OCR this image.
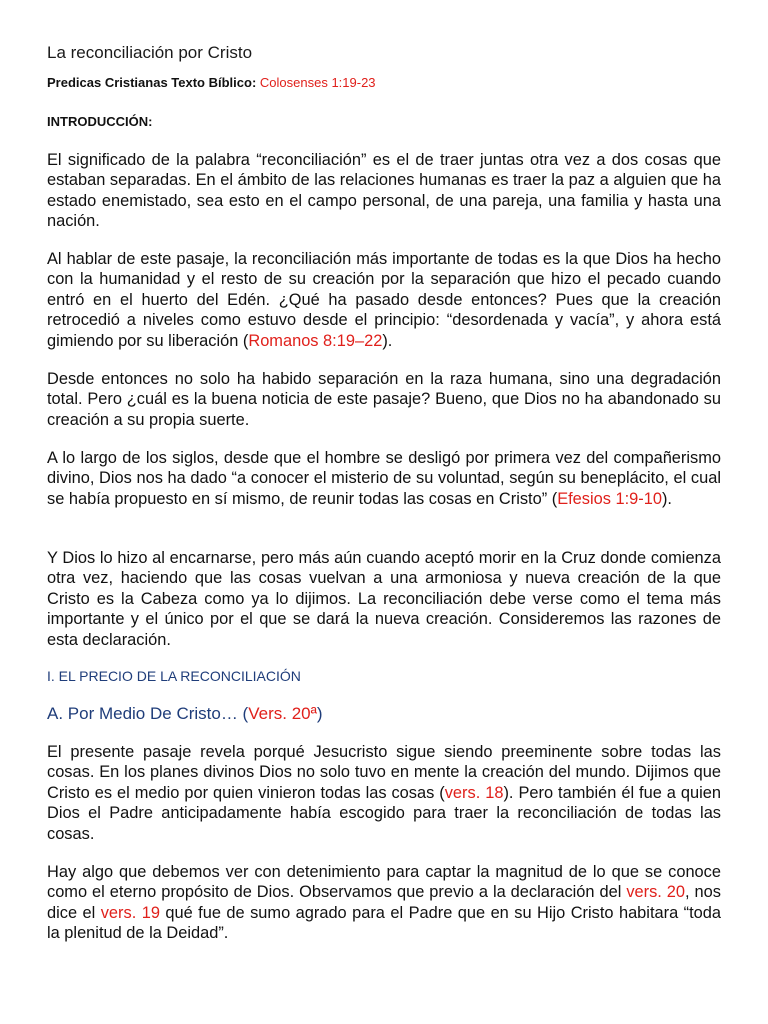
La reconciliación por Cristo
Predicas Cristianas Texto Bíblico: Colosenses 1:19-23
INTRODUCCIÓN:
El significado de la palabra “reconciliación” es el de traer juntas otra vez a dos cosas que estaban separadas. En el ámbito de las relaciones humanas es traer la paz a alguien que ha estado enemistado, sea esto en el campo personal, de una pareja, una familia y hasta una nación.
Al hablar de este pasaje, la reconciliación más importante de todas es la que Dios ha hecho con la humanidad y el resto de su creación por la separación que hizo el pecado cuando entró en el huerto del Edén. ¿Qué ha pasado desde entonces? Pues que la creación retrocedió a niveles como estuvo desde el principio: “desordenada y vacía”, y ahora está gimiendo por su liberación (Romanos 8:19–22).
Desde entonces no solo ha habido separación en la raza humana, sino una degradación total. Pero ¿cuál es la buena noticia de este pasaje? Bueno, que Dios no ha abandonado su creación a su propia suerte.
A lo largo de los siglos, desde que el hombre se desligó por primera vez del compañerismo divino, Dios nos ha dado “a conocer el misterio de su voluntad, según su beneplácito, el cual se había propuesto en sí mismo, de reunir todas las cosas en Cristo” (Efesios 1:9-10).
Y Dios lo hizo al encarnarse, pero más aún cuando aceptó morir en la Cruz donde comienza otra vez, haciendo que las cosas vuelvan a una armoniosa y nueva creación de la que Cristo es la Cabeza como ya lo dijimos. La reconciliación debe verse como el tema más importante y el único por el que se dará la nueva creación. Consideremos las razones de esta declaración.
I. EL PRECIO DE LA RECONCILIACIÓN
A. Por Medio De Cristo… (Vers. 20ª)
El presente pasaje revela porqué Jesucristo sigue siendo preeminente sobre todas las cosas. En los planes divinos Dios no solo tuvo en mente la creación del mundo. Dijimos que Cristo es el medio por quien vinieron todas las cosas (vers. 18). Pero también él fue a quien Dios el Padre anticipadamente había escogido para traer la reconciliación de todas las cosas.
Hay algo que debemos ver con detenimiento para captar la magnitud de lo que se conoce como el eterno propósito de Dios. Observamos que previo a la declaración del vers. 20, nos dice el vers. 19 qué fue de sumo agrado para el Padre que en su Hijo Cristo habitara “toda la plenitud de la Deidad”.
